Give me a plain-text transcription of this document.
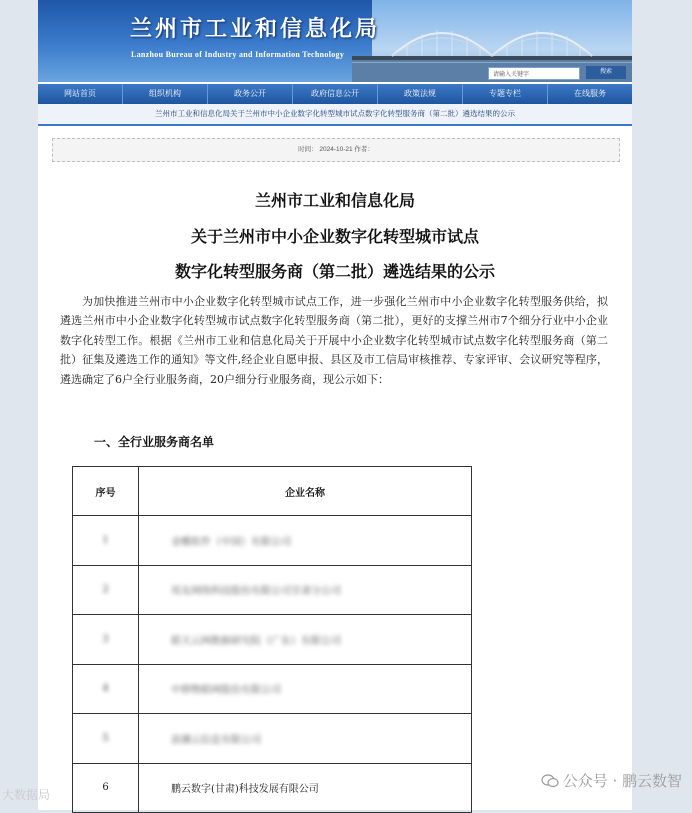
兰州市工业和信息化局
Lanzhou Bureau of Industry and Information Technology
请输入关键字	搜索
网站首页	组织机构	政务公开	政府信息公开	政策法规	专题专栏	在线服务
兰州市工业和信息化局关于兰州市中小企业数字化转型城市试点数字化转型服务商（第二批）遴选结果的公示
时间： 2024-10-21 作者：
兰州市工业和信息化局
关于兰州市中小企业数字化转型城市试点
数字化转型服务商（第二批）遴选结果的公示
为加快推进兰州市中小企业数字化转型城市试点工作，进一步强化兰州市中小企业数字化转型服务供给，拟遴选兰州市中小企业数字化转型城市试点数字化转型服务商（第二批），更好的支撑兰州市7个细分行业中小企业数字化转型工作。根据《兰州市工业和信息化局关于开展中小企业数字化转型城市试点数字化转型服务商（第二批）征集及遴选工作的通知》等文件,经企业自愿申报、县区及市工信局审核推荐、专家评审、会议研究等程序，遴选确定了6户全行业服务商，20户细分行业服务商，现公示如下：
一、全行业服务商名单
序号	企业名称
1	金蝶软件（中国）有限公司
2	用友网络科技股份有限公司甘肃分公司
3	联天云网数据研究院（广东）有限公司
4	中移物联网股份有限公司
5	浪潮云信息有限公司
6	鹏云数字(甘肃)科技发展有限公司	公众号 · 鹏云数智
大数据局
